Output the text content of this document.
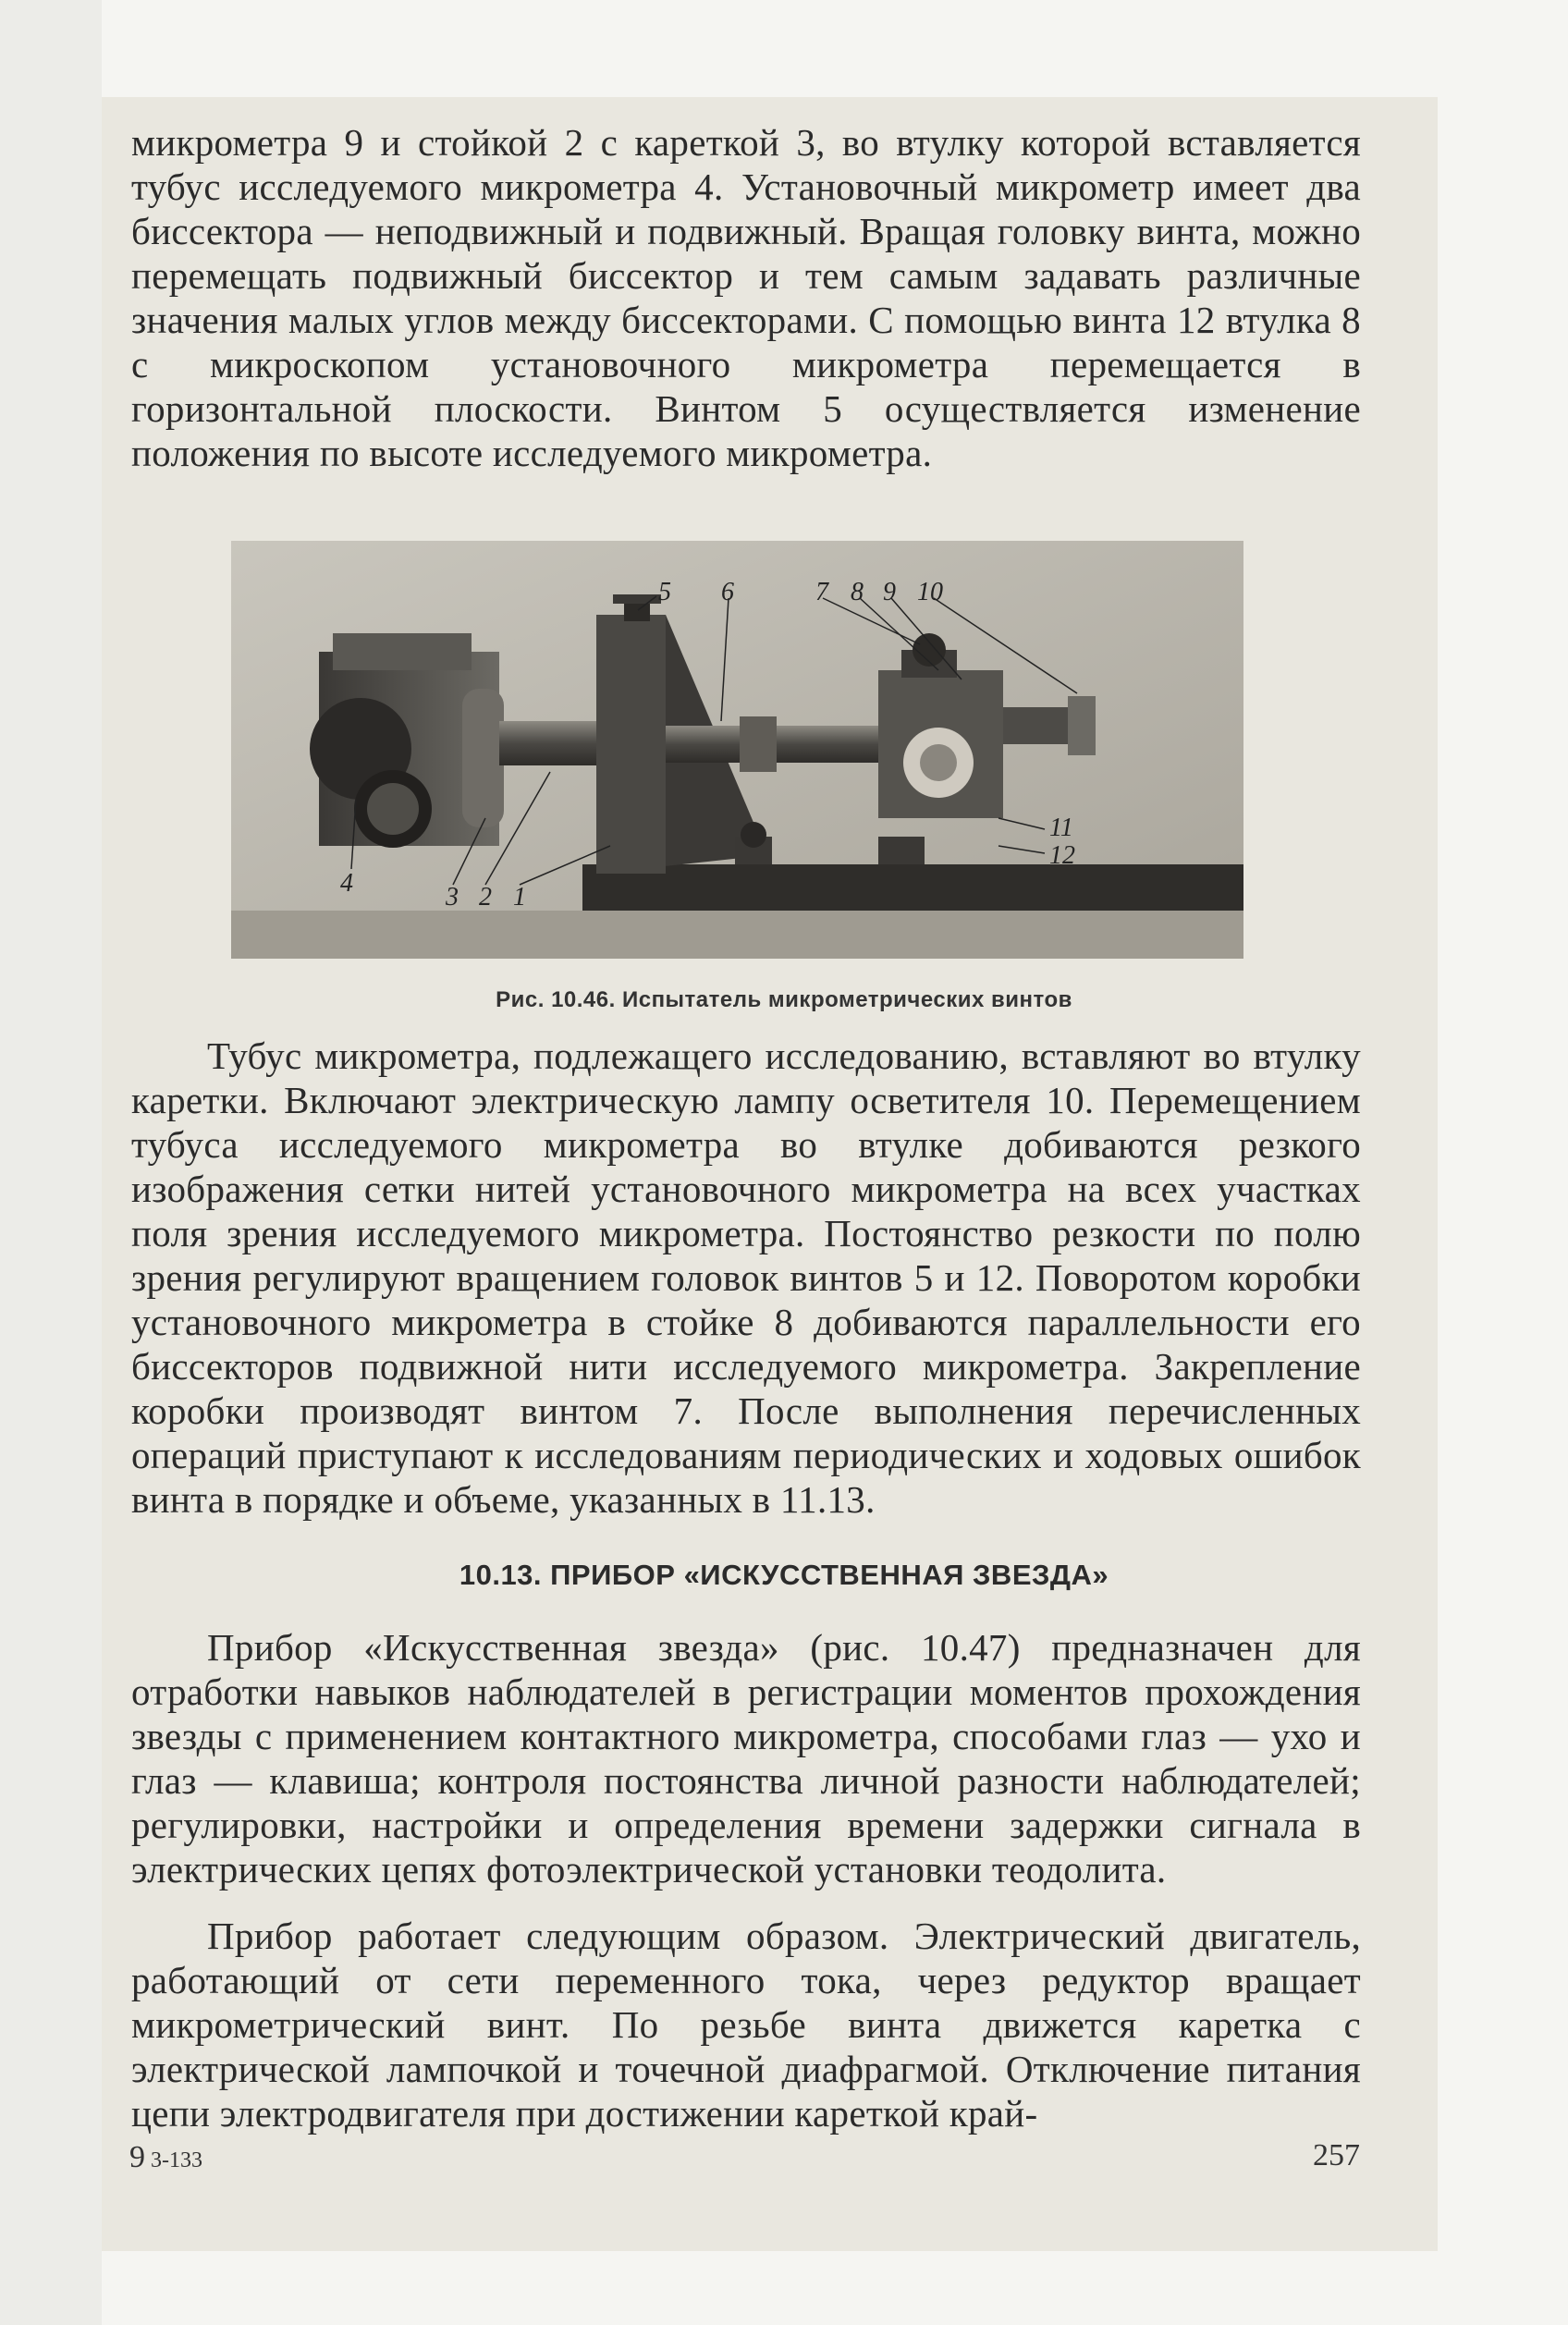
микрометра 9 и стойкой 2 с кареткой 3, во втулку которой вставляется тубус исследуемого микрометра 4. Установочный микрометр имеет два биссектора — неподвижный и подвижный. Вращая головку винта, можно перемещать подвижный биссектор и тем самым задавать различные значения малых углов между биссекторами. С помощью винта 12 втулка 8 с микроскопом установочного микрометра перемещается в горизонтальной плоскости. Винтом 5 осуществляется изменение положения по высоте исследуемого микрометра.
5 6	7 8 9 10
11
12
4	3 2 1
Рис. 10.46. Испытатель микрометрических винтов
Тубус микрометра, подлежащего исследованию, вставляют во втулку каретки. Включают электрическую лампу осветителя 10. Перемещением тубуса исследуемого микрометра во втулке добиваются резкого изображения сетки нитей установочного микрометра на всех участках поля зрения исследуемого микрометра. Постоянство резкости по полю зрения регулируют вращением головок винтов 5 и 12. Поворотом коробки установочного микрометра в стойке 8 добиваются параллельности его биссекторов подвижной нити исследуемого микрометра. Закрепление коробки производят винтом 7. После выполнения перечисленных операций приступают к исследованиям периодических и ходовых ошибок винта в порядке и объеме, указанных в 11.13.
10.13. ПРИБОР «ИСКУССТВЕННАЯ ЗВЕЗДА»
Прибор «Искусственная звезда» (рис. 10.47) предназначен для отработки навыков наблюдателей в регистрации моментов прохождения звезды с применением контактного микрометра, способами глаз — ухо и глаз — клавиша; контроля постоянства личной разности наблюдателей; регулировки, настройки и определения времени задержки сигнала в электрических цепях фотоэлектрической установки теодолита.
Прибор работает следующим образом. Электрический двигатель, работающий от сети переменного тока, через редуктор вращает микрометрический винт. По резьбе винта движется каретка с электрической лампочкой и точечной диафрагмой. Отключение питания цепи электродвигателя при достижении кареткой край-
9 3-133	257
